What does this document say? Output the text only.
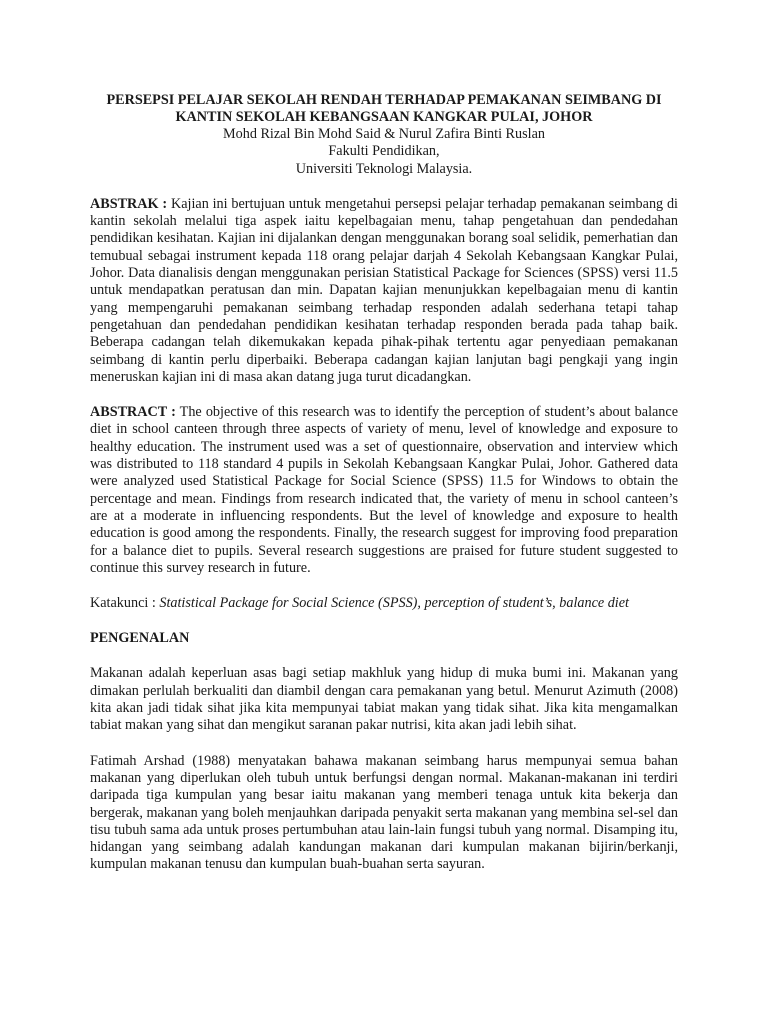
PERSEPSI PELAJAR SEKOLAH RENDAH TERHADAP PEMAKANAN SEIMBANG DI
KANTIN SEKOLAH KEBANGSAAN KANGKAR PULAI, JOHOR
Mohd Rizal Bin Mohd Said & Nurul Zafira Binti Ruslan
Fakulti Pendidikan,
Universiti Teknologi Malaysia.

ABSTRAK : Kajian ini bertujuan untuk mengetahui persepsi pelajar terhadap pemakanan seimbang di kantin sekolah melalui tiga aspek iaitu kepelbagaian menu, tahap pengetahuan dan pendedahan pendidikan kesihatan. Kajian ini dijalankan dengan menggunakan borang soal selidik, pemerhatian dan temubual sebagai instrument kepada 118 orang pelajar darjah 4 Sekolah Kebangsaan Kangkar Pulai, Johor. Data dianalisis dengan menggunakan perisian Statistical Package for Sciences (SPSS) versi 11.5 untuk mendapatkan peratusan dan min. Dapatan kajian menunjukkan kepelbagaian menu di kantin yang mempengaruhi pemakanan seimbang terhadap responden adalah sederhana tetapi tahap pengetahuan dan pendedahan pendidikan kesihatan terhadap responden berada pada tahap baik. Beberapa cadangan telah dikemukakan kepada pihak-pihak tertentu agar penyediaan pemakanan seimbang di kantin perlu diperbaiki. Beberapa cadangan kajian lanjutan bagi pengkaji yang ingin meneruskan kajian ini di masa akan datang juga turut dicadangkan.

ABSTRACT : The objective of this research was to identify the perception of student’s about balance diet in school canteen through three aspects of variety of menu, level of knowledge and exposure to healthy education. The instrument used was a set of questionnaire, observation and interview which was distributed to 118 standard 4 pupils in Sekolah Kebangsaan Kangkar Pulai, Johor. Gathered data were analyzed used Statistical Package for Social Science (SPSS) 11.5 for Windows to obtain the percentage and mean. Findings from research indicated that, the variety of menu in school canteen’s are at a moderate in influencing respondents. But the level of knowledge and exposure to health education is good among the respondents. Finally, the research suggest for improving food preparation for a balance diet to pupils. Several research suggestions are praised for future student suggested to continue this survey research in future.

Katakunci : Statistical Package for Social Science (SPSS), perception of student’s, balance diet

PENGENALAN

Makanan adalah keperluan asas bagi setiap makhluk yang hidup di muka bumi ini. Makanan yang dimakan perlulah berkualiti dan diambil dengan cara pemakanan yang betul. Menurut Azimuth (2008) kita akan jadi tidak sihat jika kita mempunyai tabiat makan yang tidak sihat. Jika kita mengamalkan tabiat makan yang sihat dan mengikut saranan pakar nutrisi, kita akan jadi lebih sihat.

Fatimah Arshad (1988) menyatakan bahawa makanan seimbang harus mempunyai semua bahan makanan yang diperlukan oleh tubuh untuk berfungsi dengan normal. Makanan-makanan ini terdiri daripada tiga kumpulan yang besar iaitu makanan yang memberi tenaga untuk kita bekerja dan bergerak, makanan yang boleh menjauhkan daripada penyakit serta makanan yang membina sel-sel dan tisu tubuh sama ada untuk proses pertumbuhan atau lain-lain fungsi tubuh yang normal. Disamping itu, hidangan yang seimbang adalah kandungan makanan dari kumpulan makanan bijirin/berkanji, kumpulan makanan tenusu dan kumpulan buah-buahan serta sayuran.
